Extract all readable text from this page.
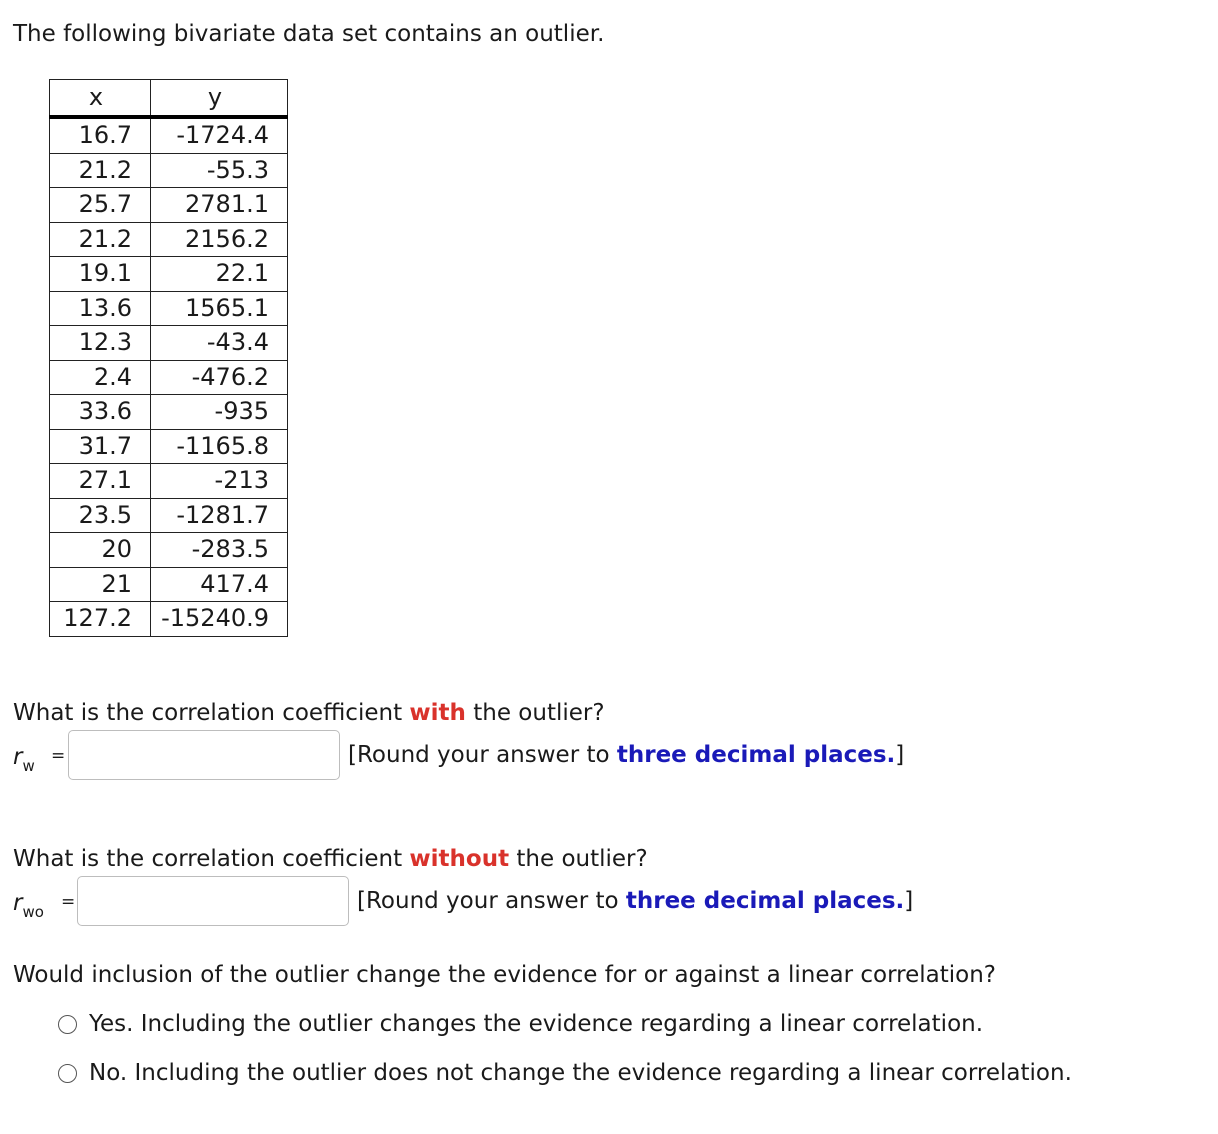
The following bivariate data set contains an outlier.

x	y
16.7	-1724.4
21.2	-55.3
25.7	2781.1
21.2	2156.2
19.1	22.1
13.6	1565.1
12.3	-43.4
2.4	-476.2
33.6	-935
31.7	-1165.8
27.1	-213
23.5	-1281.7
20	-283.5
21	417.4
127.2	-15240.9

What is the correlation coefficient with the outlier?

$r_w$ =	[Round your answer to three decimal places.]

What is the correlation coefficient without the outlier?

$r_{wo}$ =	[Round your answer to three decimal places.]

Would inclusion of the outlier change the evidence for or against a linear correlation?

Yes. Including the outlier changes the evidence regarding a linear correlation.
No. Including the outlier does not change the evidence regarding a linear correlation.
